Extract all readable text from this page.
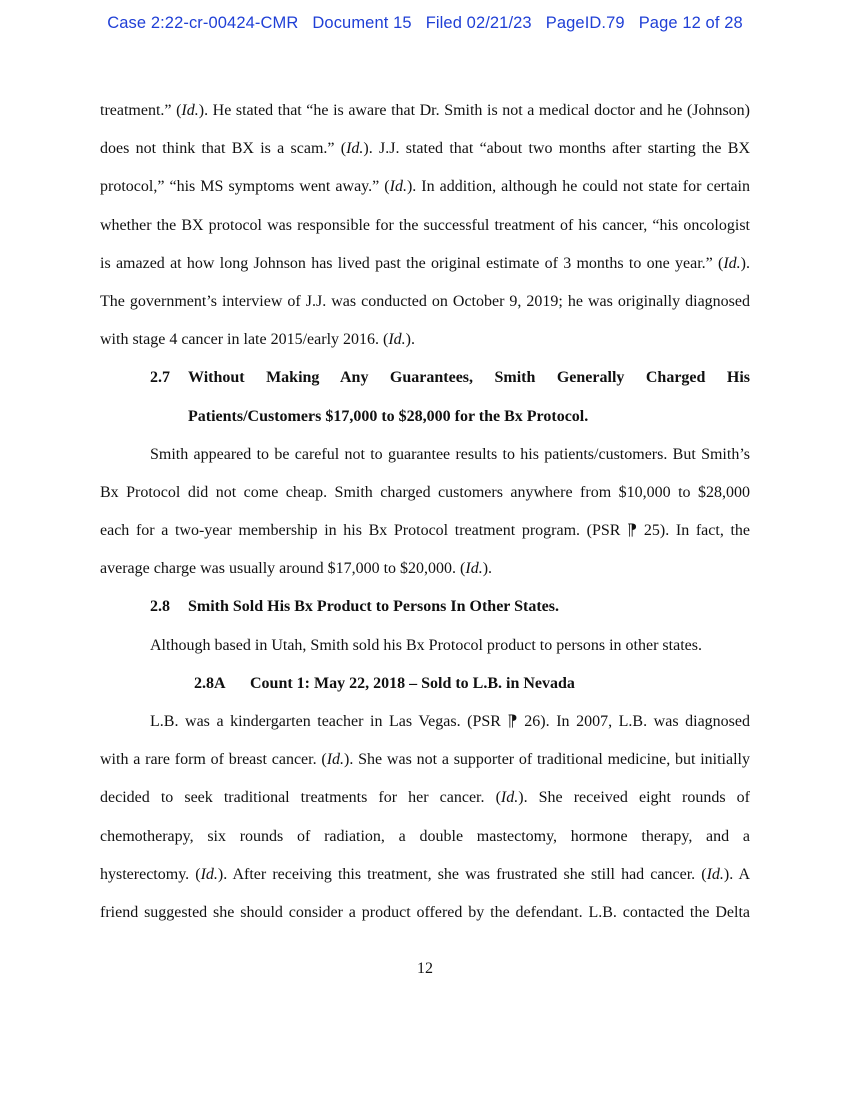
Case 2:22-cr-00424-CMR Document 15 Filed 02/21/23 PageID.79 Page 12 of 28
treatment.” (Id.). He stated that “he is aware that Dr. Smith is not a medical doctor and he (Johnson)
does not think that BX is a scam.” (Id.). J.J. stated that “about two months after starting the BX
protocol,” “his MS symptoms went away.” (Id.). In addition, although he could not state for certain
whether the BX protocol was responsible for the successful treatment of his cancer, “his oncologist
is amazed at how long Johnson has lived past the original estimate of 3 months to one year.” (Id.).
The government’s interview of J.J. was conducted on October 9, 2019; he was originally diagnosed
with stage 4 cancer in late 2015/early 2016. (Id.).
2.7 Without Making Any Guarantees, Smith Generally Charged His
Patients/Customers $17,000 to $28,000 for the Bx Protocol.
Smith appeared to be careful not to guarantee results to his patients/customers. But Smith’s
Bx Protocol did not come cheap. Smith charged customers anywhere from $10,000 to $28,000
each for a two-year membership in his Bx Protocol treatment program. (PSR ⁋ 25). In fact, the
average charge was usually around $17,000 to $20,000. (Id.).
2.8 Smith Sold His Bx Product to Persons In Other States.
Although based in Utah, Smith sold his Bx Protocol product to persons in other states.
2.8A Count 1: May 22, 2018 – Sold to L.B. in Nevada
L.B. was a kindergarten teacher in Las Vegas. (PSR ⁋ 26). In 2007, L.B. was diagnosed
with a rare form of breast cancer. (Id.). She was not a supporter of traditional medicine, but initially
decided to seek traditional treatments for her cancer. (Id.). She received eight rounds of
chemotherapy, six rounds of radiation, a double mastectomy, hormone therapy, and a
hysterectomy. (Id.). After receiving this treatment, she was frustrated she still had cancer. (Id.). A
friend suggested she should consider a product offered by the defendant. L.B. contacted the Delta
12
